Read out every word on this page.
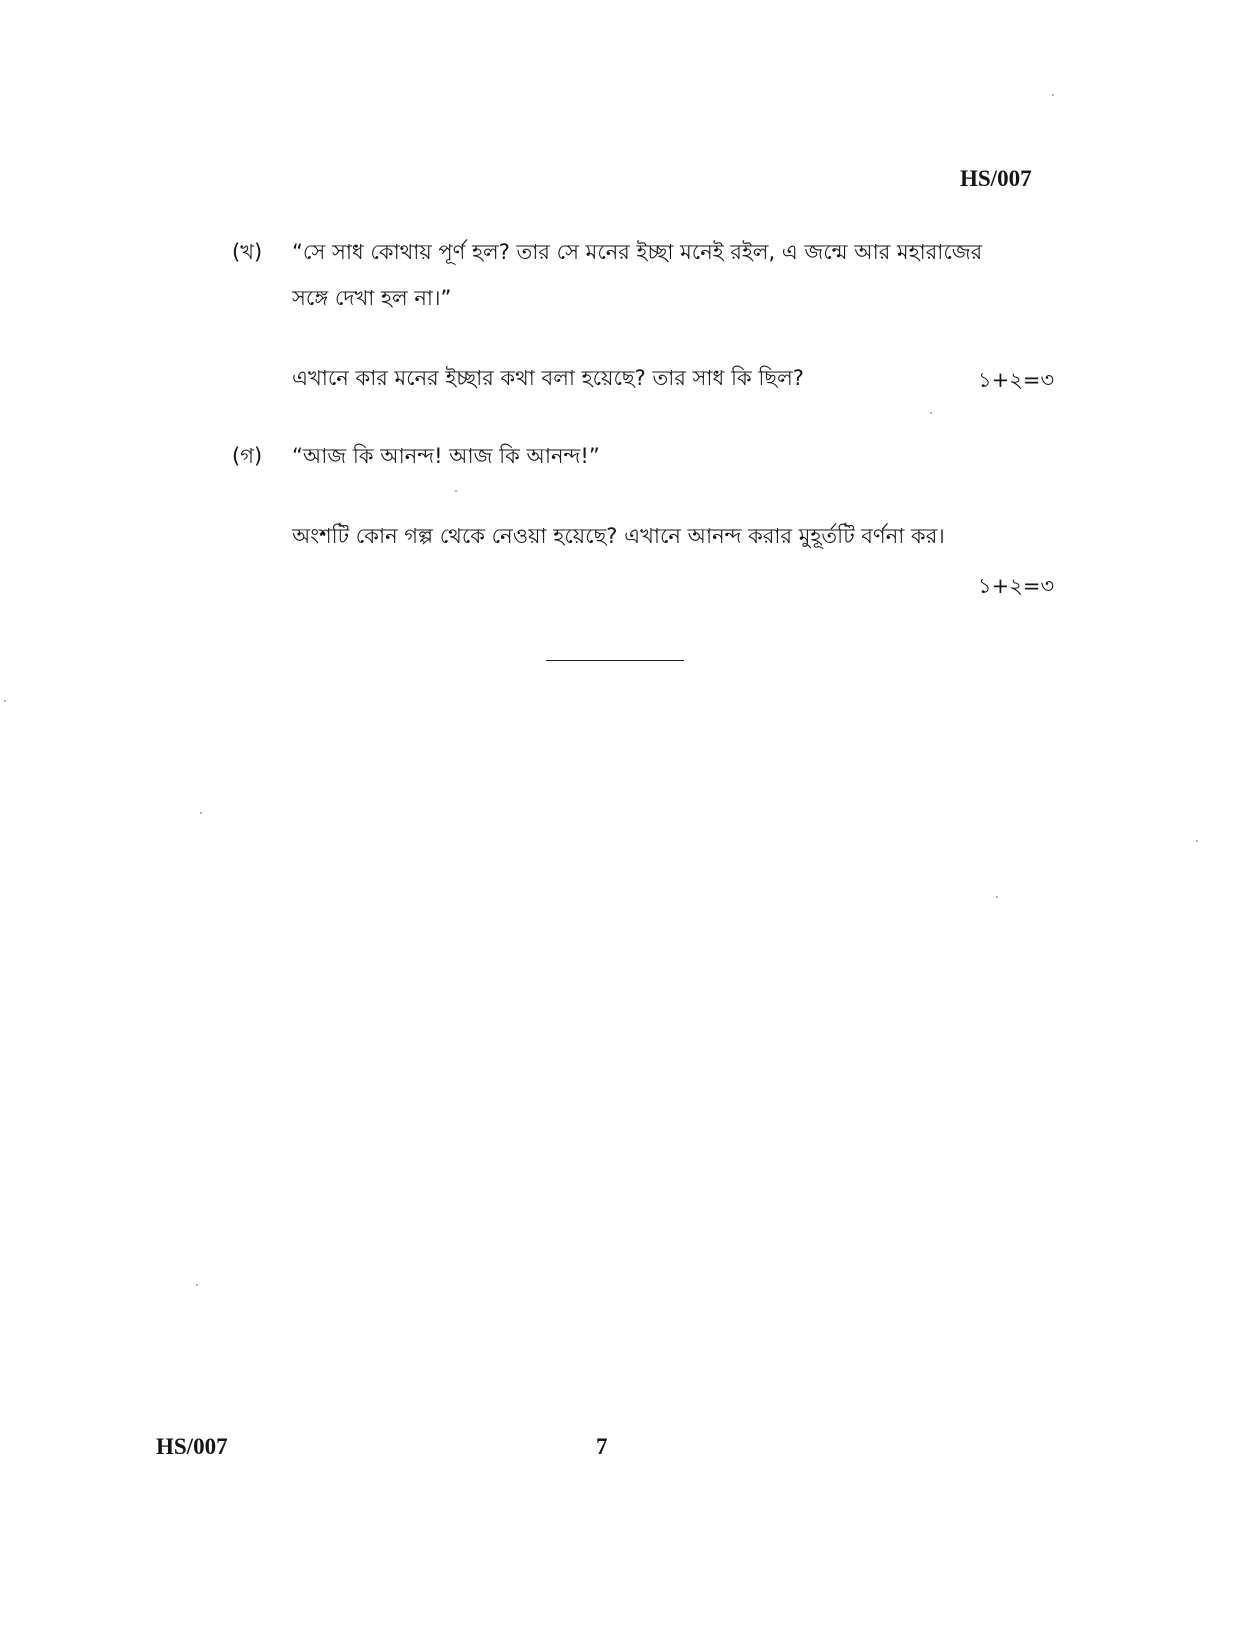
HS/007
(খ) “সে সাধ কোথায় পূর্ণ হল? তার সে মনের ইচ্ছা মনেই রইল, এ জন্মে আর মহারাজের
সঙ্গে দেখা হল না।”
এখানে কার মনের ইচ্ছার কথা বলা হয়েছে? তার সাধ কি ছিল?	১+২=৩
(গ) “আজ কি আনন্দ! আজ কি আনন্দ!”
অংশটি কোন গল্প থেকে নেওয়া হয়েছে? এখানে আনন্দ করার মুহূর্তটি বর্ণনা কর।
১+২=৩
HS/007	7
